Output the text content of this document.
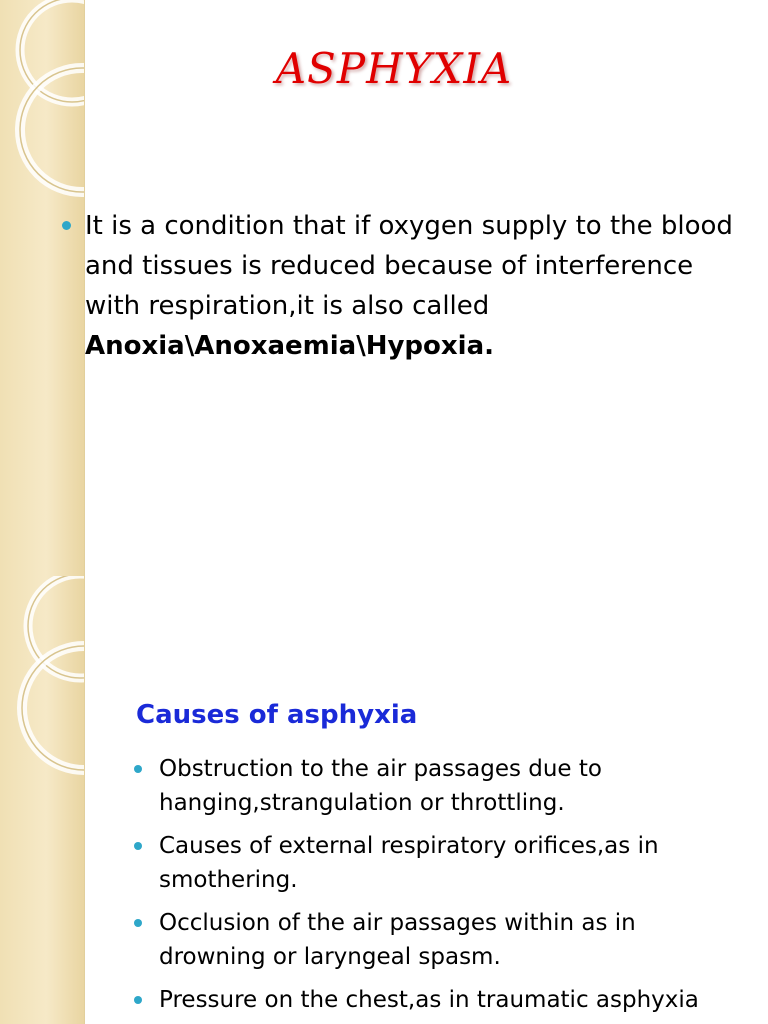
ASPHYXIA

It is a condition that if oxygen supply to the blood and tissues is reduced because of interference with respiration,it is also called Anoxia\Anoxaemia\Hypoxia.

Causes of asphyxia

Obstruction to the air passages due to hanging,strangulation or throttling.

Causes of external respiratory orifices,as in smothering.

Occlusion of the air passages within as in drowning or laryngeal spasm.

Pressure on the chest,as in traumatic asphyxia
